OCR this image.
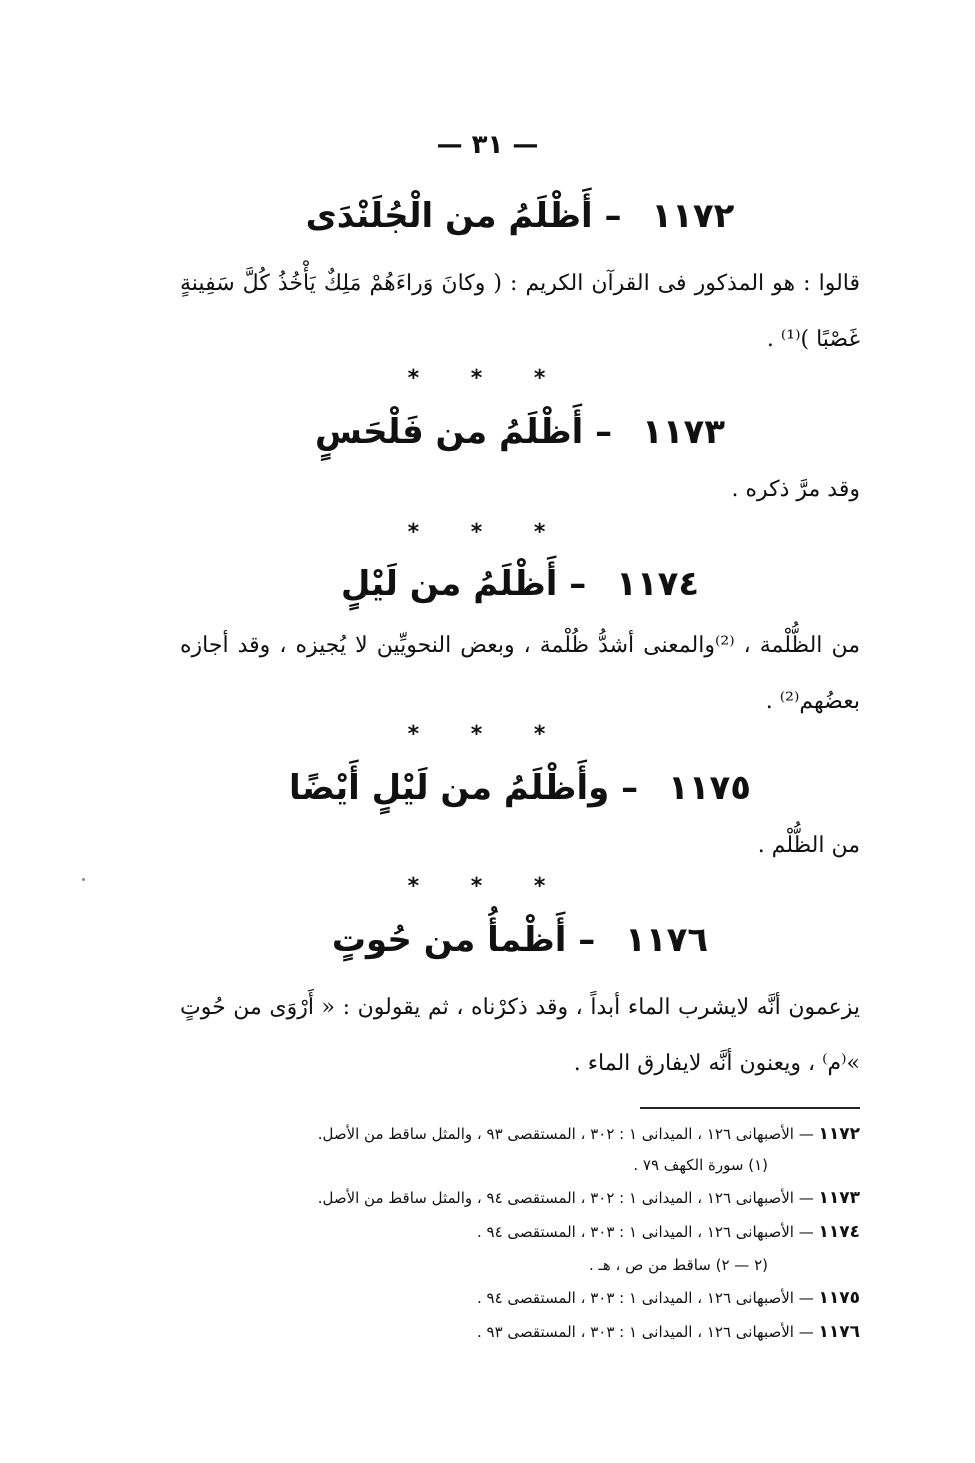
— ٣١ —
١١٧٢ – أَظْلَمُ من الْجُلَنْدَى
قالوا : هو المذكور فى القرآن الكريم : ( وكانَ وَراءَهُمْ مَلِكٌ يَأْخُذُ كُلَّ سَفِينةٍ غَصْبًا )⁽¹⁾ .
* * *
١١٧٣ – أَظْلَمُ من فَلْحَسٍ
وقد مرَّ ذكره .
* * *
١١٧٤ – أَظْلَمُ من لَيْلٍ
من الظُّلْمة ، ⁽²⁾والمعنى أشدُّ ظُلْمة ، وبعض النحويِّين لا يُجيزه ، وقد أجازه بعضُهم⁽²⁾ .
* * *
١١٧٥ – وأَظْلَمُ من لَيْلٍ أَيْضًا
من الظُّلْم .
* * *
١١٧٦ – أَظْمأُ من حُوتٍ
يزعمون أنَّه لايشرب الماء أبداً ، وقد ذكرْناه ، ثم يقولون : « أَرْوَى من حُوتٍ »⁽م⁾ ، ويعنون أنَّه لايفارق الماء .
١١٧٢ — الأصبهانى ١٢٦ ، الميدانى ١ : ٣٠٢ ، المستقصى ٩٣ ، والمثل ساقط من الأصل.
(١) سورة الكهف ٧٩ .
١١٧٣ — الأصبهانى ١٢٦ ، الميدانى ١ : ٣٠٢ ، المستقصى ٩٤ ، والمثل ساقط من الأصل.
١١٧٤ — الأصبهانى ١٢٦ ، الميدانى ١ : ٣٠٣ ، المستقصى ٩٤ .
(٢ — ٢) ساقط من ص ، هـ .
١١٧٥ — الأصبهانى ١٢٦ ، الميدانى ١ : ٣٠٣ ، المستقصى ٩٤ .
١١٧٦ — الأصبهانى ١٢٦ ، الميدانى ١ : ٣٠٣ ، المستقصى ٩٣ .
